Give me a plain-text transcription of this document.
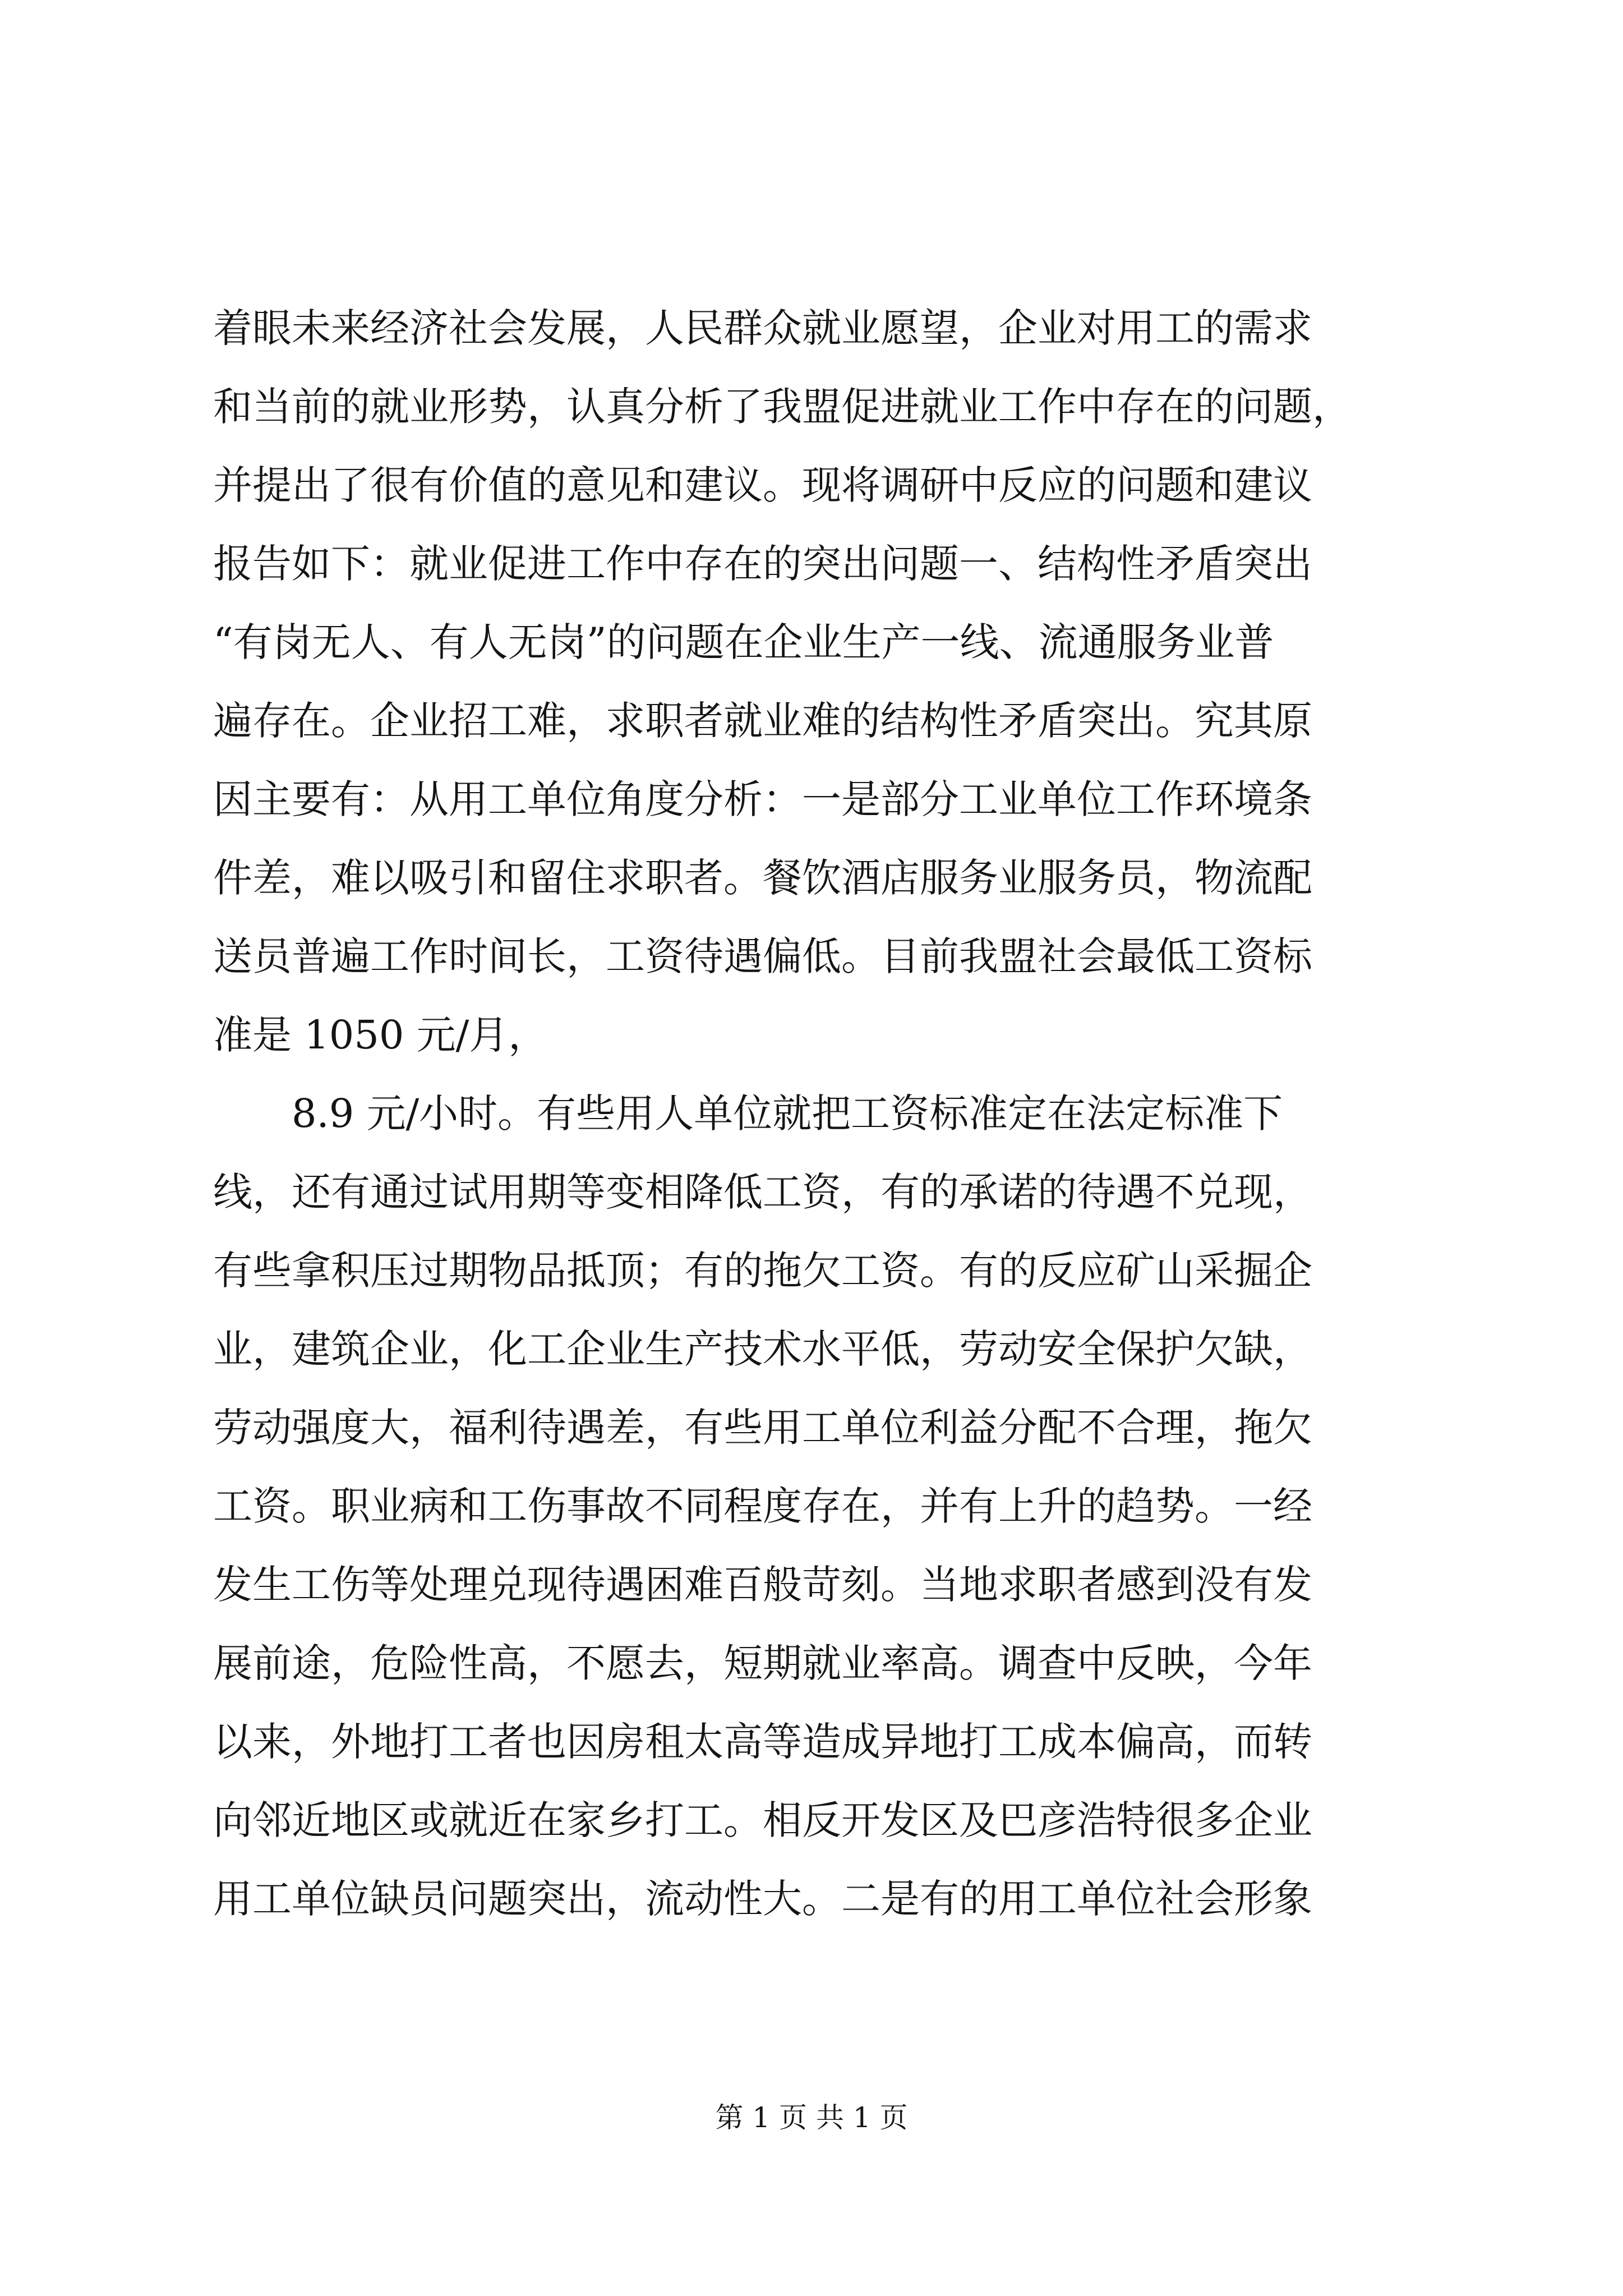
着眼未来经济社会发展，人民群众就业愿望，企业对用工的需求
和当前的就业形势，认真分析了我盟促进就业工作中存在的问题，
并提出了很有价值的意见和建议。现将调研中反应的问题和建议
报告如下：就业促进工作中存在的突出问题一、结构性矛盾突出
“有岗无人、有人无岗”的问题在企业生产一线、流通服务业普
遍存在。企业招工难，求职者就业难的结构性矛盾突出。究其原
因主要有：从用工单位角度分析：一是部分工业单位工作环境条
件差，难以吸引和留住求职者。餐饮酒店服务业服务员，物流配
送员普遍工作时间长，工资待遇偏低。目前我盟社会最低工资标
准是 1050 元/月，
8.9 元/小时。有些用人单位就把工资标准定在法定标准下
线，还有通过试用期等变相降低工资，有的承诺的待遇不兑现，
有些拿积压过期物品抵顶；有的拖欠工资。有的反应矿山采掘企
业，建筑企业，化工企业生产技术水平低，劳动安全保护欠缺，
劳动强度大，福利待遇差，有些用工单位利益分配不合理，拖欠
工资。职业病和工伤事故不同程度存在，并有上升的趋势。一经
发生工伤等处理兑现待遇困难百般苛刻。当地求职者感到没有发
展前途，危险性高，不愿去，短期就业率高。调查中反映，今年
以来，外地打工者也因房租太高等造成异地打工成本偏高，而转
向邻近地区或就近在家乡打工。相反开发区及巴彦浩特很多企业
用工单位缺员问题突出，流动性大。二是有的用工单位社会形象
第 1 页 共 1 页
